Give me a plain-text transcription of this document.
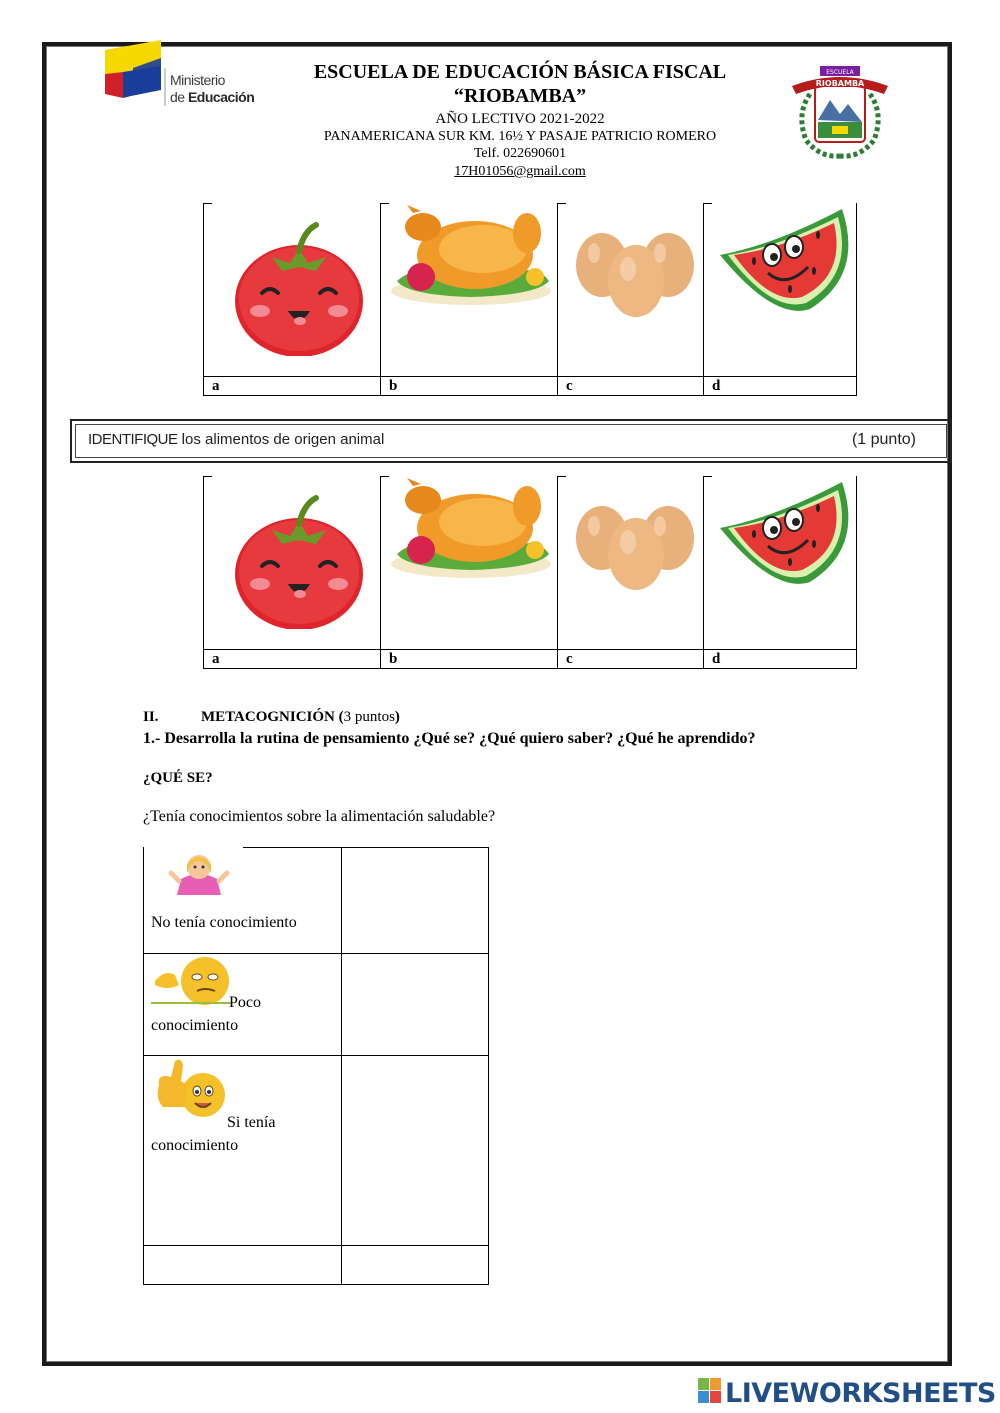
Ministerio
de Educación
ESCUELA DE EDUCACIÓN BÁSICA FISCAL
“RIOBAMBA”
AÑO LECTIVO 2021-2022
PANAMERICANA SUR KM. 16½ Y PASAJE PATRICIO ROMERO
Telf. 022690601
17H01056@gmail.com
ESCUELA
RIOBAMBA
a	b	c	d
IDENTIFIQUE los alimentos de origen animal	(1 punto)
a	b	c	d
II.	METACOGNICIÓN (3 puntos)
1.- Desarrolla la rutina de pensamiento ¿Qué se? ¿Qué quiero saber? ¿Qué he aprendido?
¿QUÉ SE?
¿Tenía conocimientos sobre la alimentación saludable?
No tenía conocimiento
Poco
conocimiento
Si tenía
conocimiento
LIVEWORKSHEETS
